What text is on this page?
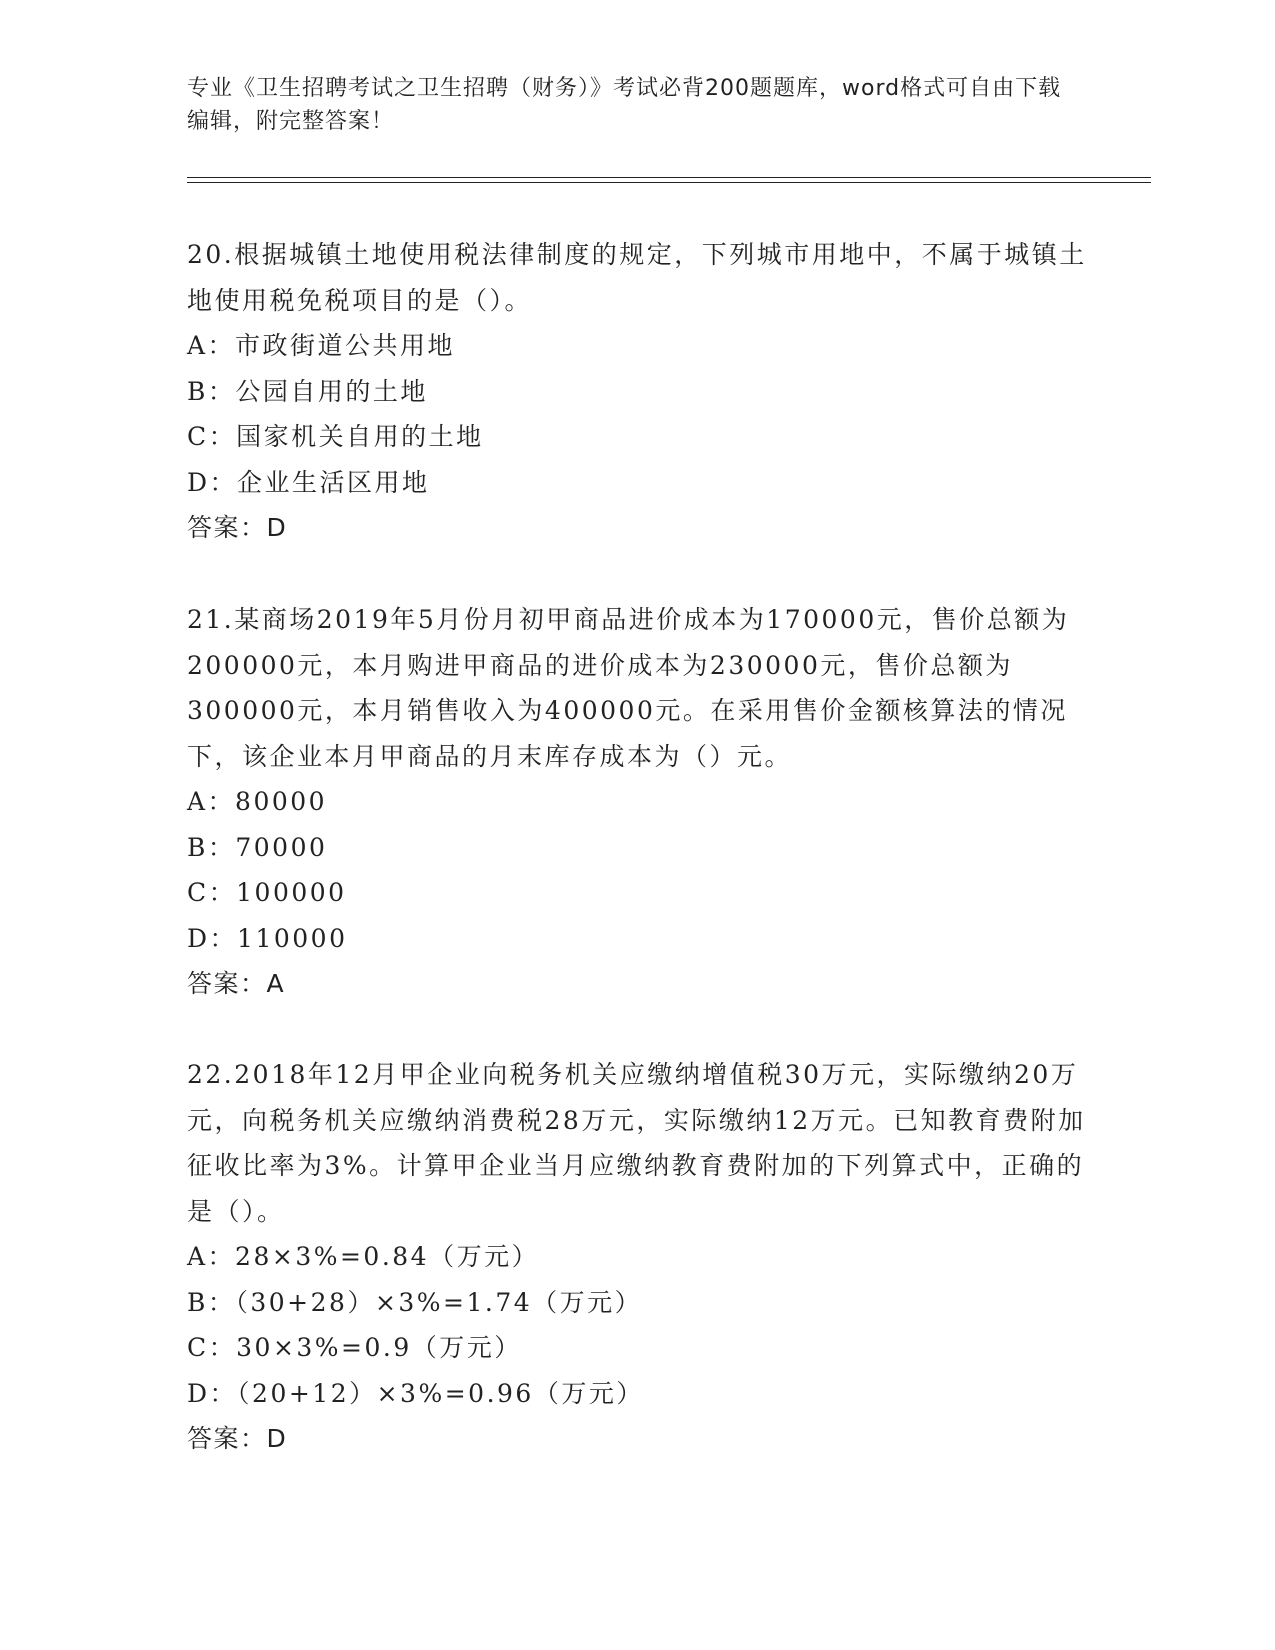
专业《卫生招聘考试之卫生招聘（财务）》考试必背200题题库，word格式可自由下载编辑，附完整答案！

20.根据城镇土地使用税法律制度的规定，下列城市用地中，不属于城镇土地使用税免税项目的是（）。

A：市政街道公共用地

B：公园自用的土地

C：国家机关自用的土地

D：企业生活区用地

答案：D

21.某商场2019年5月份月初甲商品进价成本为170000元，售价总额为200000元，本月购进甲商品的进价成本为230000元，售价总额为300000元，本月销售收入为400000元。在采用售价金额核算法的情况下，该企业本月甲商品的月末库存成本为（）元。

A：80000

B：70000

C：100000

D：110000

答案：A

22.2018年12月甲企业向税务机关应缴纳增值税30万元，实际缴纳20万元，向税务机关应缴纳消费税28万元，实际缴纳12万元。已知教育费附加征收比率为3%。计算甲企业当月应缴纳教育费附加的下列算式中，正确的是（）。

A：28×3%=0.84（万元）

B：（30+28）×3%=1.74（万元）

C：30×3%=0.9（万元）

D：（20+12）×3%=0.96（万元）

答案：D
